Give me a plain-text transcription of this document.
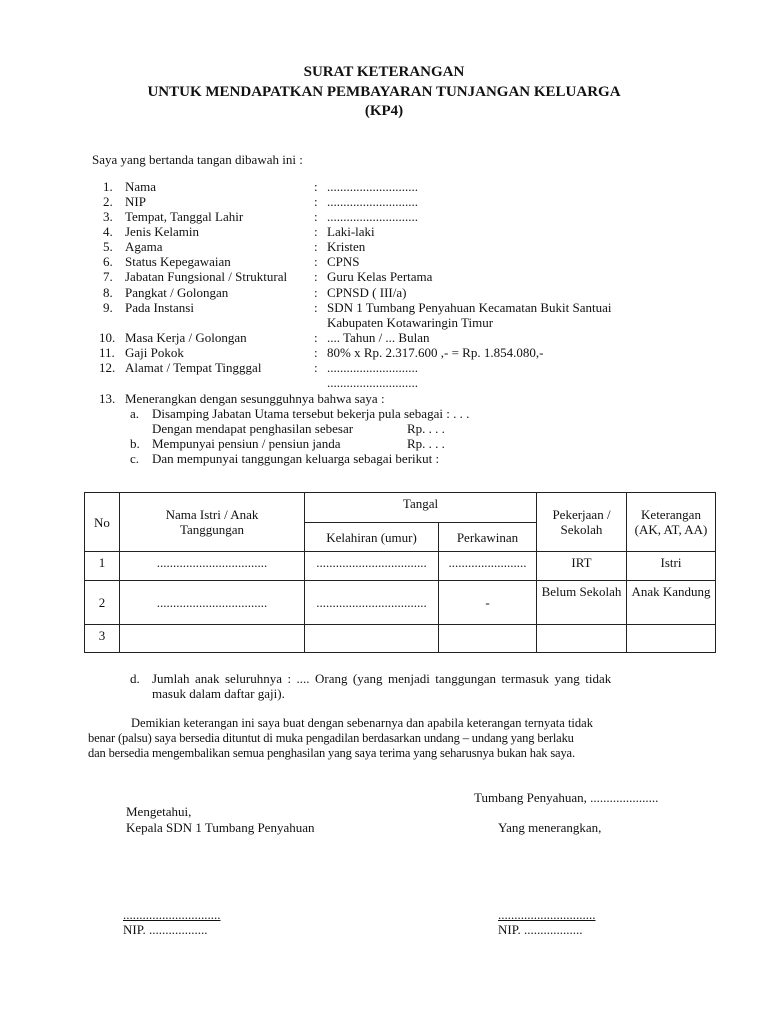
SURAT KETERANGAN
UNTUK MENDAPATKAN PEMBAYARAN TUNJANGAN KELUARGA
(KP4)
Saya yang bertanda tangan dibawah ini :
1. Nama	: ............................
2. NIP	: ............................
3. Tempat, Tanggal Lahir	: ............................
4. Jenis Kelamin	: Laki-laki
5. Agama	: Kristen
6. Status Kepegawaian	: CPNS
7. Jabatan Fungsional / Struktural : Guru Kelas Pertama
8. Pangkat / Golongan	: CPNSD ( III/a)
9. Pada Instansi	: SDN 1 Tumbang Penyahuan Kecamatan Bukit Santuai
Kabupaten Kotawaringin Timur
10. Masa Kerja / Golongan	: .... Tahun / ... Bulan
11. Gaji Pokok	: 80% x Rp. 2.317.600 ,- = Rp. 1.854.080,-
12. Alamat / Tempat Tingggal	: ............................
............................
13. Menerangkan dengan sesungguhnya bahwa saya :
a. Disamping Jabatan Utama tersebut bekerja pula sebagai : . . .
Dengan mendapat penghasilan sebesar	Rp. . . .
b. Mempunyai pensiun / pensiun janda	Rp. . . .
c. Dan mempunyai tanggungan keluarga sebagai berikut :
No	Nama Istri / Anak Tanggungan	Tangal		Pekerjaan / Sekolah	Keterangan (AK, AT, AA)
		Kelahiran (umur)	Perkawinan		
1	..................................	..................................	........................	IRT	Istri
2	..................................	..................................	-	Belum Sekolah	Anak Kandung
3					
d. Jumlah anak seluruhnya : .... Orang (yang menjadi tanggungan termasuk yang tidak
masuk dalam daftar gaji).
Demikian keterangan ini saya buat dengan sebenarnya dan apabila keterangan ternyata tidak
benar (palsu) saya bersedia dituntut di muka pengadilan berdasarkan undang – undang yang berlaku
dan bersedia mengembalikan semua penghasilan yang saya terima yang seharusnya bukan hak saya.
Tumbang Penyahuan, .....................
Mengetahui,
Kepala SDN 1 Tumbang Penyahuan	Yang menerangkan,
..............................
NIP. ..................
..............................
NIP. ..................
